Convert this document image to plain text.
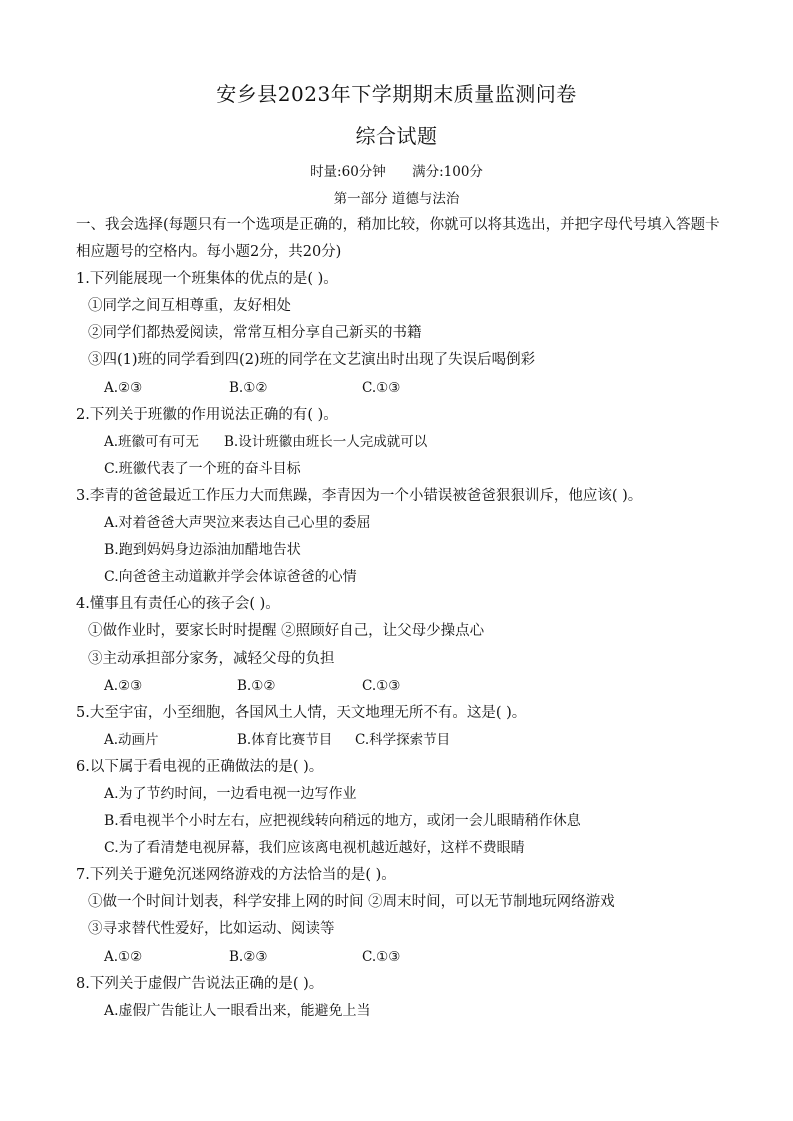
安乡县2023年下学期期末质量监测问卷
综合试题
时量:60分钟 满分:100分
第一部分 道德与法治

一、我会选择(每题只有一个选项是正确的，稍加比较，你就可以将其选出，并把字母代号填入答题卡相应题号的空格内。每小题2分，共20分)

1.下列能展现一个班集体的优点的是( )。
①同学之间互相尊重，友好相处
②同学们都热爱阅读，常常互相分享自己新买的书籍
③四(1)班的同学看到四(2)班的同学在文艺演出时出现了失误后喝倒彩
A.②③	B.①②	C.①③
2.下列关于班徽的作用说法正确的有( )。
A.班徽可有可无 B.设计班徽由班长一人完成就可以
C.班徽代表了一个班的奋斗目标
3.李青的爸爸最近工作压力大而焦躁，李青因为一个小错误被爸爸狠狠训斥，他应该( )。
A.对着爸爸大声哭泣来表达自己心里的委屈
B.跑到妈妈身边添油加醋地告状
C.向爸爸主动道歉并学会体谅爸爸的心情
4.懂事且有责任心的孩子会( )。
①做作业时，要家长时时提醒 ②照顾好自己，让父母少操点心
③主动承担部分家务，减轻父母的负担
A.②③	B.①②	C.①③
5.大至宇宙，小至细胞，各国风土人情，天文地理无所不有。这是( )。
A.动画片	B.体育比赛节目 C.科学探索节目
6.以下属于看电视的正确做法的是( )。
A.为了节约时间，一边看电视一边写作业
B.看电视半个小时左右，应把视线转向稍远的地方，或闭一会儿眼睛稍作休息
C.为了看清楚电视屏幕，我们应该离电视机越近越好，这样不费眼睛
7.下列关于避免沉迷网络游戏的方法恰当的是( )。
①做一个时间计划表，科学安排上网的时间 ②周末时间，可以无节制地玩网络游戏
③寻求替代性爱好，比如运动、阅读等
A.①②	B.②③	C.①③
8.下列关于虚假广告说法正确的是( )。
A.虚假广告能让人一眼看出来，能避免上当
